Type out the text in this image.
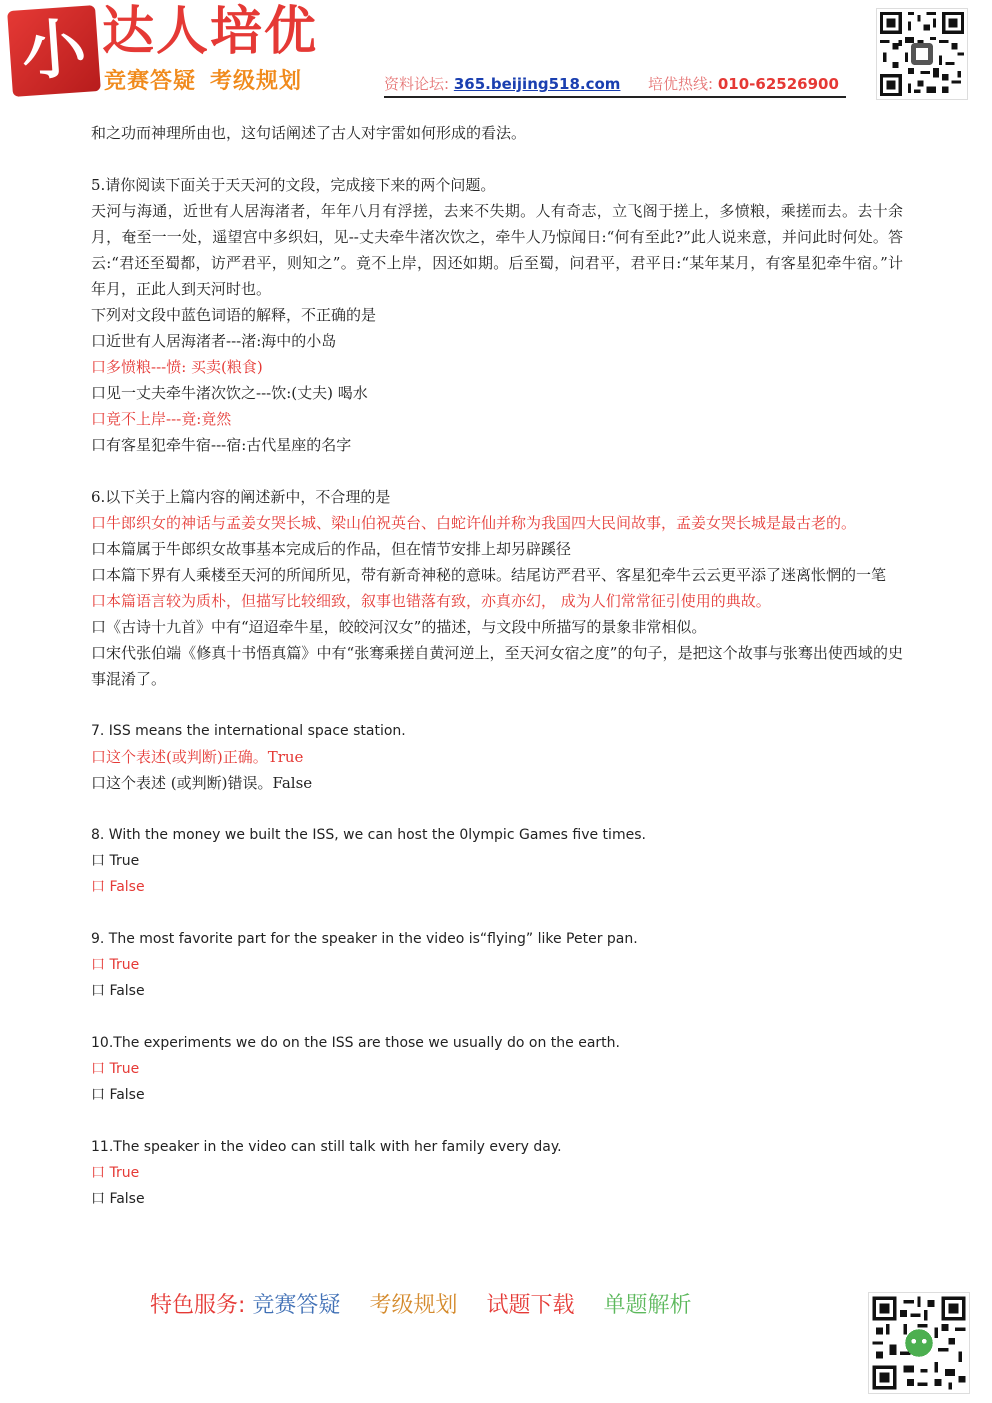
小 达人培优
竞赛答疑 考级规划	资料论坛: 365.beijing518.com 培优热线: 010-62526900
和之功而神理所由也，这句话阐述了古人对宇雷如何形成的看法。
5.请你阅读下面关于天天河的文段，完成接下来的两个问题。
天河与海通，近世有人居海渚者，年年八月有浮搓，去来不失期。人有奇志，立飞阁于搓上，多愤粮，乘搓而去。去十余月，奄至一一处，遥望宫中多织妇，见--丈夫牵牛渚次饮之，牵牛人乃惊闻日:“何有至此?”此人说来意，并问此时何处。答云:“君还至蜀都，访严君平，则知之”。竟不上岸，因还如期。后至蜀，问君平，君平日:“某年某月，有客星犯牵牛宿。”计年月，正此人到天河时也。
下列对文段中蓝色词语的解释，不正确的是
口近世有人居海渚者---渚:海中的小岛
口多愤粮---愤: 买卖(粮食)
口见一丈夫牵牛渚次饮之---饮:(丈夫) 喝水
口竟不上岸---竟:竟然
口有客星犯牵牛宿---宿:古代星座的名字
6.以下关于上篇内容的阐述新中，不合理的是
口牛郎织女的神话与孟姜女哭长城、梁山伯祝英台、白蛇许仙并称为我国四大民间故事，孟姜女哭长城是最古老的。
口本篇属于牛郎织女故事基本完成后的作品，但在情节安排上却另辟蹊径
口本篇下界有人乘楼至天河的所闻所见，带有新奇神秘的意味。结尾访严君平、客星犯牵牛云云更平添了迷离怅惘的一笔
口本篇语言较为质朴，但描写比较细致，叙事也错落有致，亦真亦幻， 成为人们常常征引使用的典故。
口《古诗十九首》中有“迢迢牵牛星，皎皎河汉女”的描述，与文段中所描写的景象非常相似。
口宋代张伯端《修真十书悟真篇》中有“张骞乘搓自黄河逆上，至天河女宿之度”的句子，是把这个故事与张骞出使西域的史事混淆了。
7. ISS means the international space station.
口这个表述(或判断)正确。True
口这个表述 (或判断)错误。False
8. With the money we built the ISS, we can host the 0lympic Games five times.
口 True
口 False
9. The most favorite part for the speaker in the video is“flying” like Peter pan.
口 True
口 False
10.The experiments we do on the ISS are those we usually do on the earth.
口 True
口 False
11.The speaker in the video can still talk with her family every day.
口 True
口 False
特色服务: 竞赛答疑 考级规划 试题下载 单题解析
